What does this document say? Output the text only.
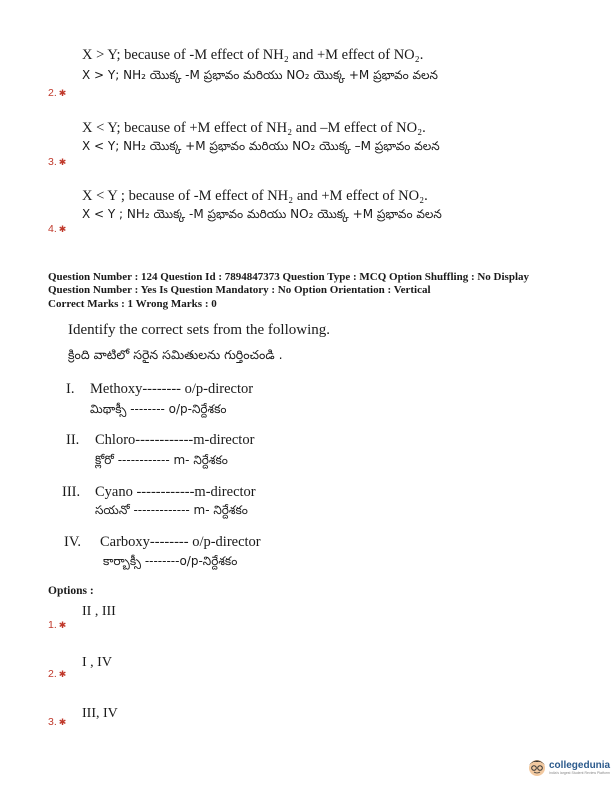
X > Y; because of -M effect of NH₂ and +M effect of NO₂.
X > Y; NH₂ యొక్క -M ప్రభావం మరియు NO₂ యొక్క +M ప్రభావం వలన
2. ✱
X < Y; because of +M effect of NH₂ and –M effect of NO₂.
X < Y; NH₂ యొక్క +M ప్రభావం మరియు NO₂ యొక్క –M ప్రభావం వలన
3. ✱
X < Y ; because of -M effect of NH₂ and +M effect of NO₂.
X < Y ; NH₂ యొక్క -M ప్రభావం మరియు NO₂ యొక్క +M ప్రభావం వలన
4. ✱
Question Number : 124 Question Id : 7894847373 Question Type : MCQ Option Shuffling : No Display
Question Number : Yes Is Question Mandatory : No Option Orientation : Vertical
Correct Marks : 1 Wrong Marks : 0
Identify the correct sets from the following.
క్రింది వాటిలో సరైన సమితులను గుర్తించండి .
I. Methoxy-------- o/p-director
మిథాక్సీ -------- o/p-నిర్దేశకం
II. Chloro------------m-director
క్లోరో ------------ m- నిర్దేశకం
III. Cyano ------------m-director
సయనో ------------- m- నిర్దేశకం
IV. Carboxy-------- o/p-director
కార్బాక్సీ --------o/p-నిర్దేశకం
Options :
II , III
1. ✱
I , IV
2. ✱
III, IV
3. ✱
collegedunia
India's largest Student Review Platform
